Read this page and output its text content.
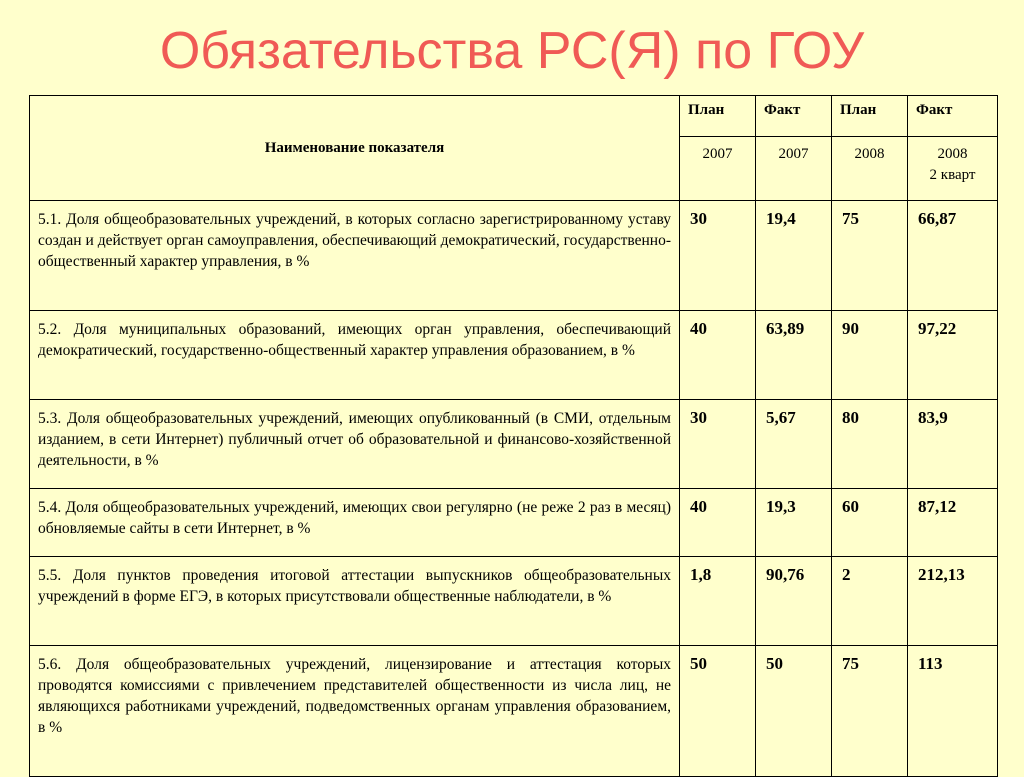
Обязательства РС(Я) по ГОУ
Наименование показателя	План	Факт	План	Факт

	2007	2007	2008	2008
2 кварт

5.1. Доля общеобразовательных учреждений, в которых согласно зарегистрированному уставу создан и действует орган самоуправления, обеспечивающий демократический, государственно-общественный характер управления, в %	30	19,4	75	66,87
5.2. Доля муниципальных образований, имеющих орган управления, обеспечивающий демократический, государственно-общественный характер управления образованием, в %	40	63,89	90	97,22
5.3. Доля общеобразовательных учреждений, имеющих опубликованный (в СМИ, отдельным изданием, в сети Интернет) публичный отчет об образовательной и финансово-хозяйственной деятельности, в %	30	5,67	80	83,9
5.4. Доля общеобразовательных учреждений, имеющих свои регулярно (не реже 2 раз в месяц) обновляемые сайты в сети Интернет, в %	40	19,3	60	87,12
5.5. Доля пунктов проведения итоговой аттестации выпускников общеобразовательных учреждений в форме ЕГЭ, в которых присутствовали общественные наблюдатели, в %	1,8	90,76	2	212,13
5.6. Доля общеобразовательных учреждений, лицензирование и аттестация которых проводятся комиссиями с привлечением представителей общественности из числа лиц, не являющихся работниками учреждений, подведомственных органам управления образованием, в %	50	50	75	113
